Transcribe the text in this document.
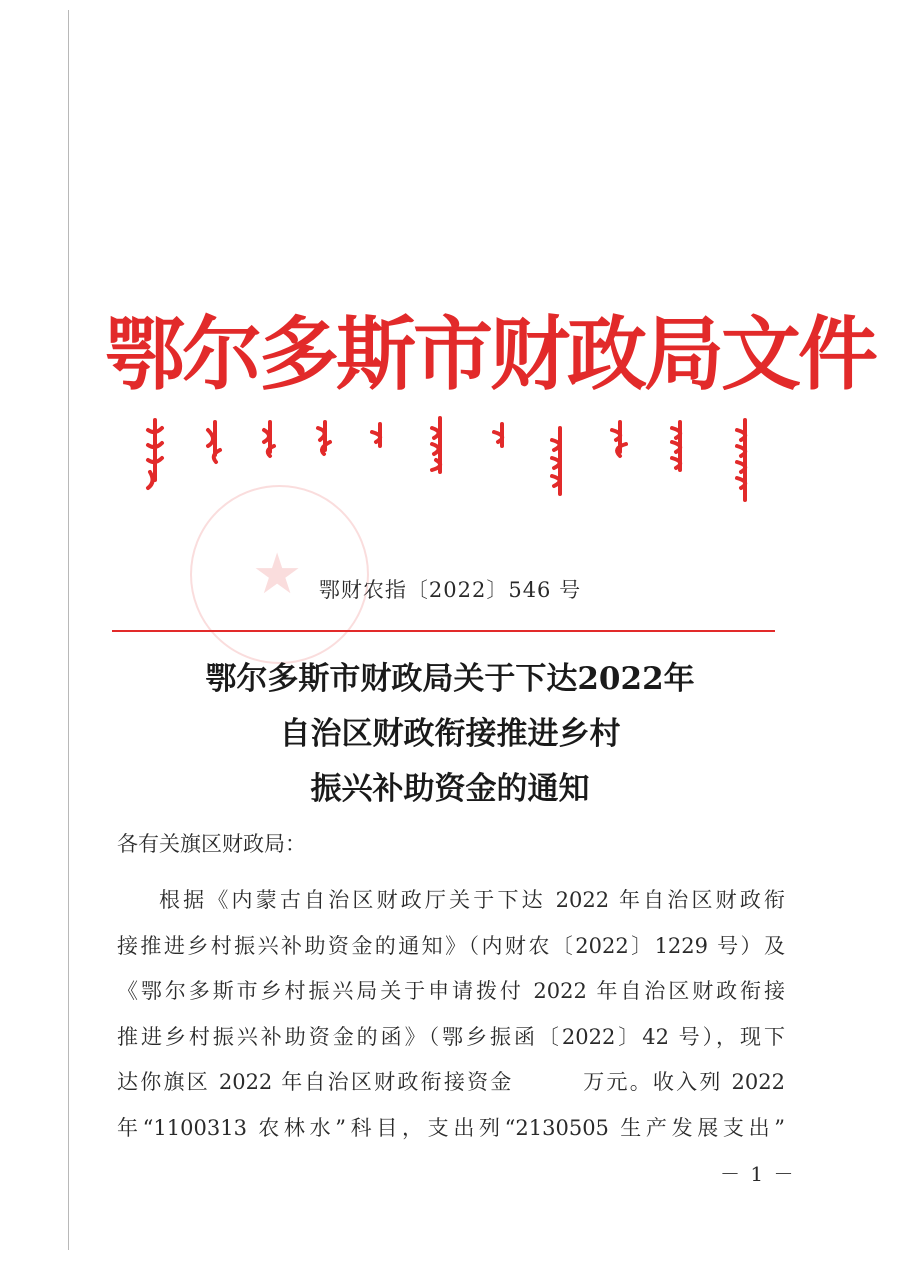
鄂尔多斯市财政局文件
★ 鄂财农指〔2022〕546 号
鄂尔多斯市财政局关于下达2022年
自治区财政衔接推进乡村
振兴补助资金的通知
各有关旗区财政局：
根据《内蒙古自治区财政厅关于下达 2022 年自治区财政衔
接推进乡村振兴补助资金的通知》（内财农〔2022〕1229 号）及
《鄂尔多斯市乡村振兴局关于申请拨付 2022 年自治区财政衔接
推进乡村振兴补助资金的函》（鄂乡振函〔2022〕42 号），现下
达你旗区 2022 年自治区财政衔接资金　　　万元。收入列 2022
年“1100313 农林水”科目，支出列“2130505 生产发展支出”
－ 1 －
